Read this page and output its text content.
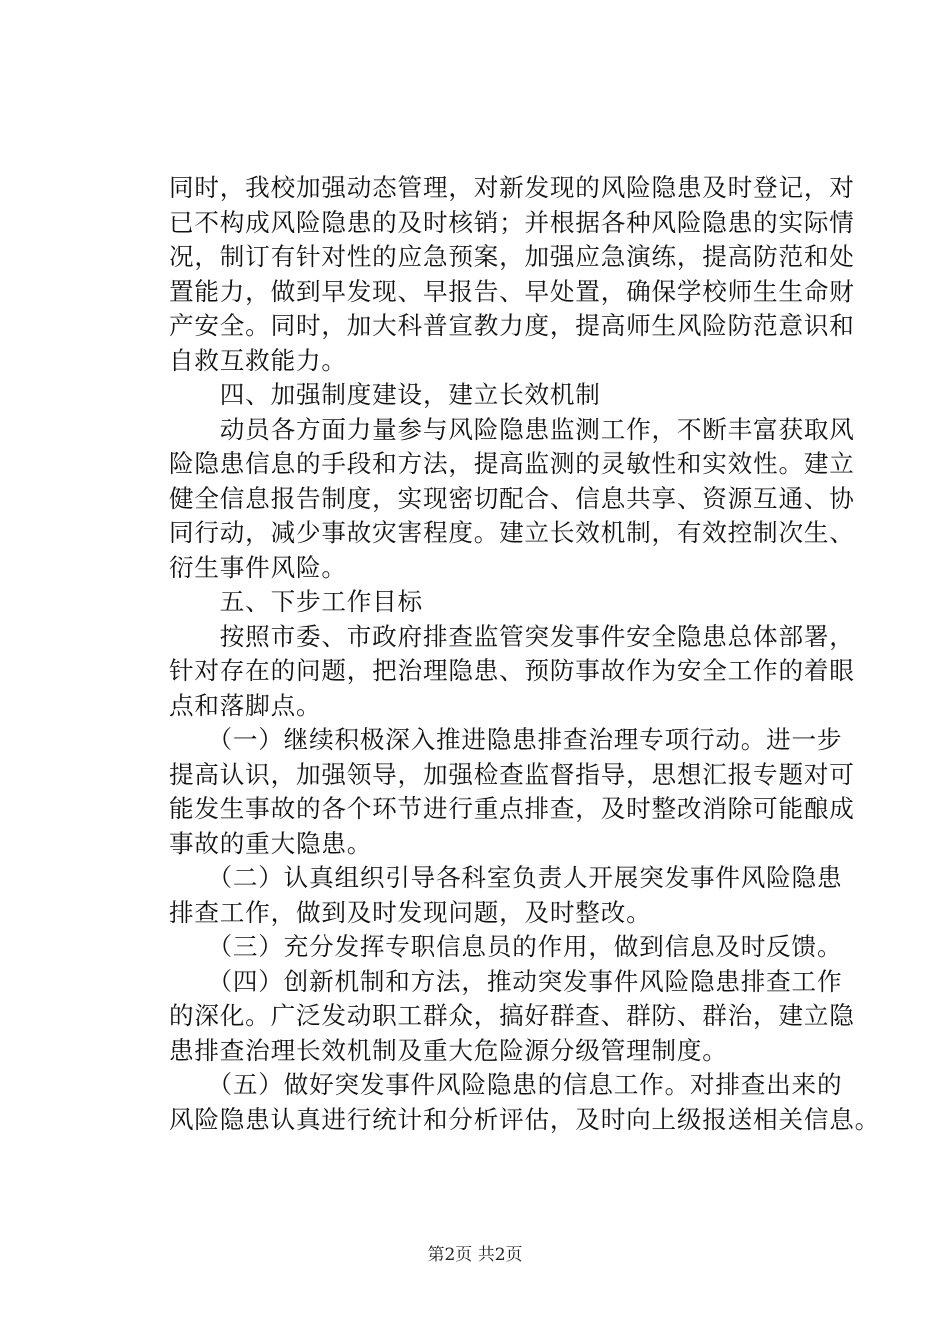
同时，我校加强动态管理，对新发现的风险隐患及时登记，对
已不构成风险隐患的及时核销；并根据各种风险隐患的实际情
况，制订有针对性的应急预案，加强应急演练，提高防范和处
置能力，做到早发现、早报告、早处置，确保学校师生生命财
产安全。同时，加大科普宣教力度，提高师生风险防范意识和
自救互救能力。
　　四、加强制度建设，建立长效机制
　　动员各方面力量参与风险隐患监测工作，不断丰富获取风
险隐患信息的手段和方法，提高监测的灵敏性和实效性。建立
健全信息报告制度，实现密切配合、信息共享、资源互通、协
同行动，减少事故灾害程度。建立长效机制，有效控制次生、
衍生事件风险。
　　五、下步工作目标
　　按照市委、市政府排查监管突发事件安全隐患总体部署，
针对存在的问题，把治理隐患、预防事故作为安全工作的着眼
点和落脚点。
　　（一）继续积极深入推进隐患排查治理专项行动。进一步
提高认识，加强领导，加强检查监督指导，思想汇报专题对可
能发生事故的各个环节进行重点排查，及时整改消除可能酿成
事故的重大隐患。
　　（二）认真组织引导各科室负责人开展突发事件风险隐患
排查工作，做到及时发现问题，及时整改。
　　（三）充分发挥专职信息员的作用，做到信息及时反馈。
　　（四）创新机制和方法，推动突发事件风险隐患排查工作
的深化。广泛发动职工群众，搞好群查、群防、群治，建立隐
患排查治理长效机制及重大危险源分级管理制度。
　　（五）做好突发事件风险隐患的信息工作。对排查出来的
风险隐患认真进行统计和分析评估，及时向上级报送相关信息。
第2页 共2页
